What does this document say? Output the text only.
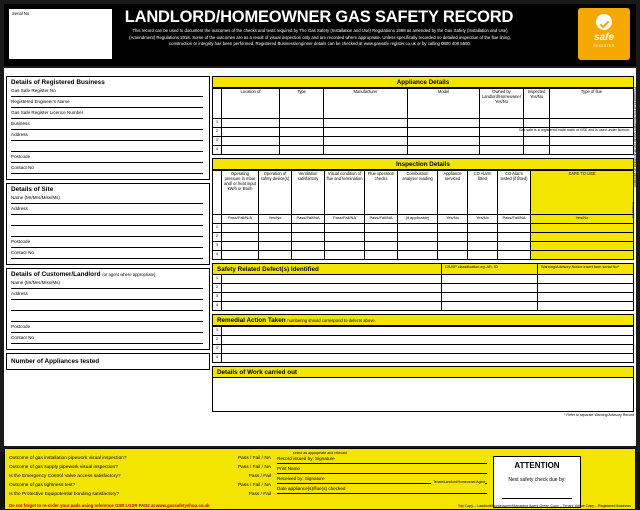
Serial No	LANDLORD/HOMEOWNER GAS SAFETY RECORD
This record can be used to document the outcomes of the checks and tests required by The Gas Safety (Installation and Use) Regulations 1998 as amended by the Gas Safety (Installation and Use) (Amendment) Regulations 2018. Some of the outcomes are as a result of visual inspection only and are recorded where appropriate. Unless specifically recorded no detailed inspection of the flue lining, construction or integrity has been performed. Registered Business/engineer details can be checked at www.gassafe register.co.uk or by calling 0800 408 5500.
safe
REGISTER
Gas safe is a registered trade mark of HSE and is used under licence.
Details of Registered Business
Gas Safe Register No
Registered Engineer's Name
Gas Safe Register Licence Number
Business
Address
Postcode
Contact No
Details of Site
Name (Mr/Mrs/Miss/Ms)
Address
Postcode
Contact No
Details of Customer/Landlord (or agent where appropriate)
Name (Mr/Mrs/Miss/Ms)
Address
Postcode
Contact No
Number of Appliances tested
Appliance Details
	Location of	Type	Manufacturer	Model	Owned by Landlord/Homeowner Yes/No	Inspected Yes/No	Type of flue
1							
2							
3							
4							
Inspection Details
	Operating pressure in mbar and/ or heat input kW/h or Btu/h	Operation of safety device(s)	Ventilation satisfactory	Visual condition of flue and termination	Flue operation checks	Combustion analyser reading	Appliance serviced	CO Alarm fitted	CO Alarm tested (if fitted)	SAFE TO USE
	Pass/Fail/N/A	Yes/No	Pass/Fail/NA	Pass/Fail/NA	Pass/Fail/NA	(if applicable)	Yes/No	Yes/No	Pass/Fail/NA	Yes/No
1										
2										
3										
4										
Safety Related Defect(s) Identified	GIUSP classification eg. AR, ID	Warning/Advisory Notice insert form serial No*
1			
2			
3			
4			
Remedial Action Taken numbering should correspond to defects above.
1	
2	
3	
4	
Details of Work carried out
* Refer to separate Warning/Advisory Record
Photocopies of this document should not be accepted as validation.
Version 8.6
select as appropriate and relevant
Outcome of gas installation pipework visual inspection?	Pass / Fail / NA
Outcome of gas supply pipework visual inspection?	Pass / Fail / NA
Is the Emergency Control Valve access satisfactory?	Pass / Fail
Outcome of gas tightness test?	Pass / Fail / NA
Is the Protective Equipotential bonding satisfactory?	Pass / Fail
Record issued by: Signature
Print Name
Received by: Signature
Tenant/Landlord/Homeowner/Agent
Date appliance(s)/flue(s) checked
ATTENTION
Next safety check due by:
Do not forget to re-order your pads using reference GSR LGSR PAD2 at www.gassafetyshop.co.uk	Top Copy – Landlord/Homeowner/Managing Agent Green Copy – Tenant Yellow Copy – Registered Business
